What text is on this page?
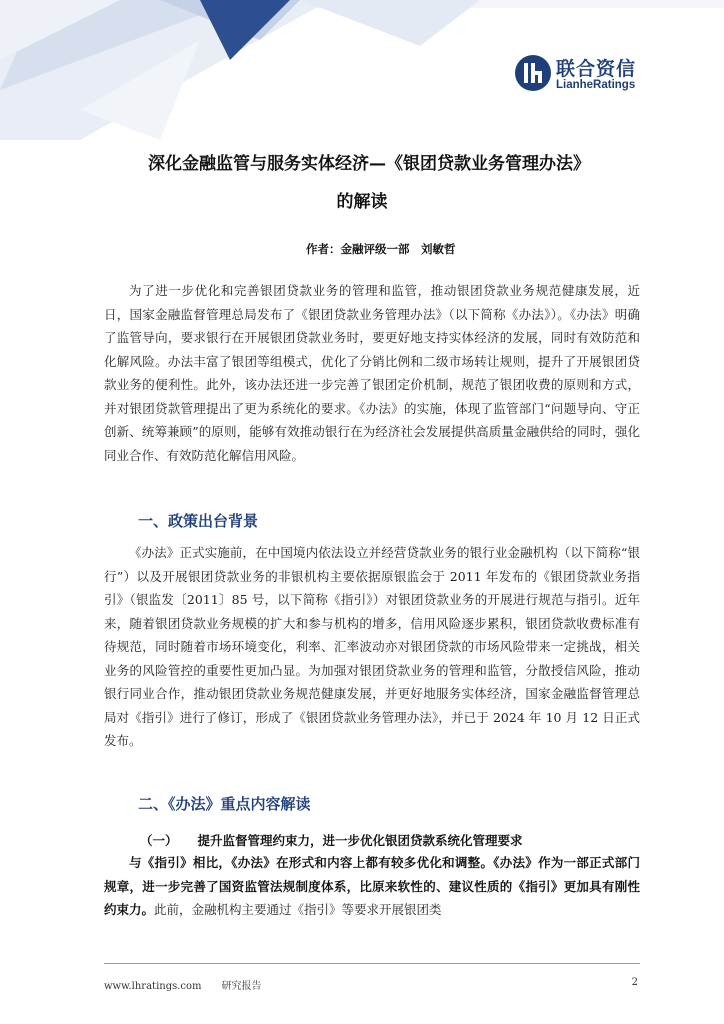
联合资信
LianheRatings
深化金融监管与服务实体经济—《银团贷款业务管理办法》
的解读
作者：金融评级一部　刘敏哲
为了进一步优化和完善银团贷款业务的管理和监管，推动银团贷款业务规范健康发展，近日，国家金融监督管理总局发布了《银团贷款业务管理办法》（以下简称《办法》）。《办法》明确了监管导向，要求银行在开展银团贷款业务时，要更好地支持实体经济的发展，同时有效防范和化解风险。办法丰富了银团等组模式，优化了分销比例和二级市场转让规则，提升了开展银团贷款业务的便利性。此外，该办法还进一步完善了银团定价机制，规范了银团收费的原则和方式，并对银团贷款管理提出了更为系统化的要求。《办法》的实施，体现了监管部门“问题导向、守正创新、统筹兼顾”的原则，能够有效推动银行在为经济社会发展提供高质量金融供给的同时，强化同业合作、有效防范化解信用风险。
一、政策出台背景
《办法》正式实施前，在中国境内依法设立并经营贷款业务的银行业金融机构（以下简称“银行”）以及开展银团贷款业务的非银机构主要依据原银监会于 2011 年发布的《银团贷款业务指引》（银监发〔2011〕85 号，以下简称《指引》）对银团贷款业务的开展进行规范与指引。近年来，随着银团贷款业务规模的扩大和参与机构的增多，信用风险逐步累积，银团贷款收费标准有待规范，同时随着市场环境变化，利率、汇率波动亦对银团贷款的市场风险带来一定挑战，相关业务的风险管控的重要性更加凸显。为加强对银团贷款业务的管理和监管，分散授信风险，推动银行同业合作，推动银团贷款业务规范健康发展，并更好地服务实体经济，国家金融监督管理总局对《指引》进行了修订，形成了《银团贷款业务管理办法》，并已于 2024 年 10 月 12 日正式发布。
二、《办法》重点内容解读
（一） 提升监督管理约束力，进一步优化银团贷款系统化管理要求
与《指引》相比，《办法》在形式和内容上都有较多优化和调整。《办法》作为一部正式部门规章，进一步完善了国资监管法规制度体系，比原来软性的、建议性质的《指引》更加具有刚性约束力。此前，金融机构主要通过《指引》等要求开展银团类
www.lhratings.com　　研究报告	2
